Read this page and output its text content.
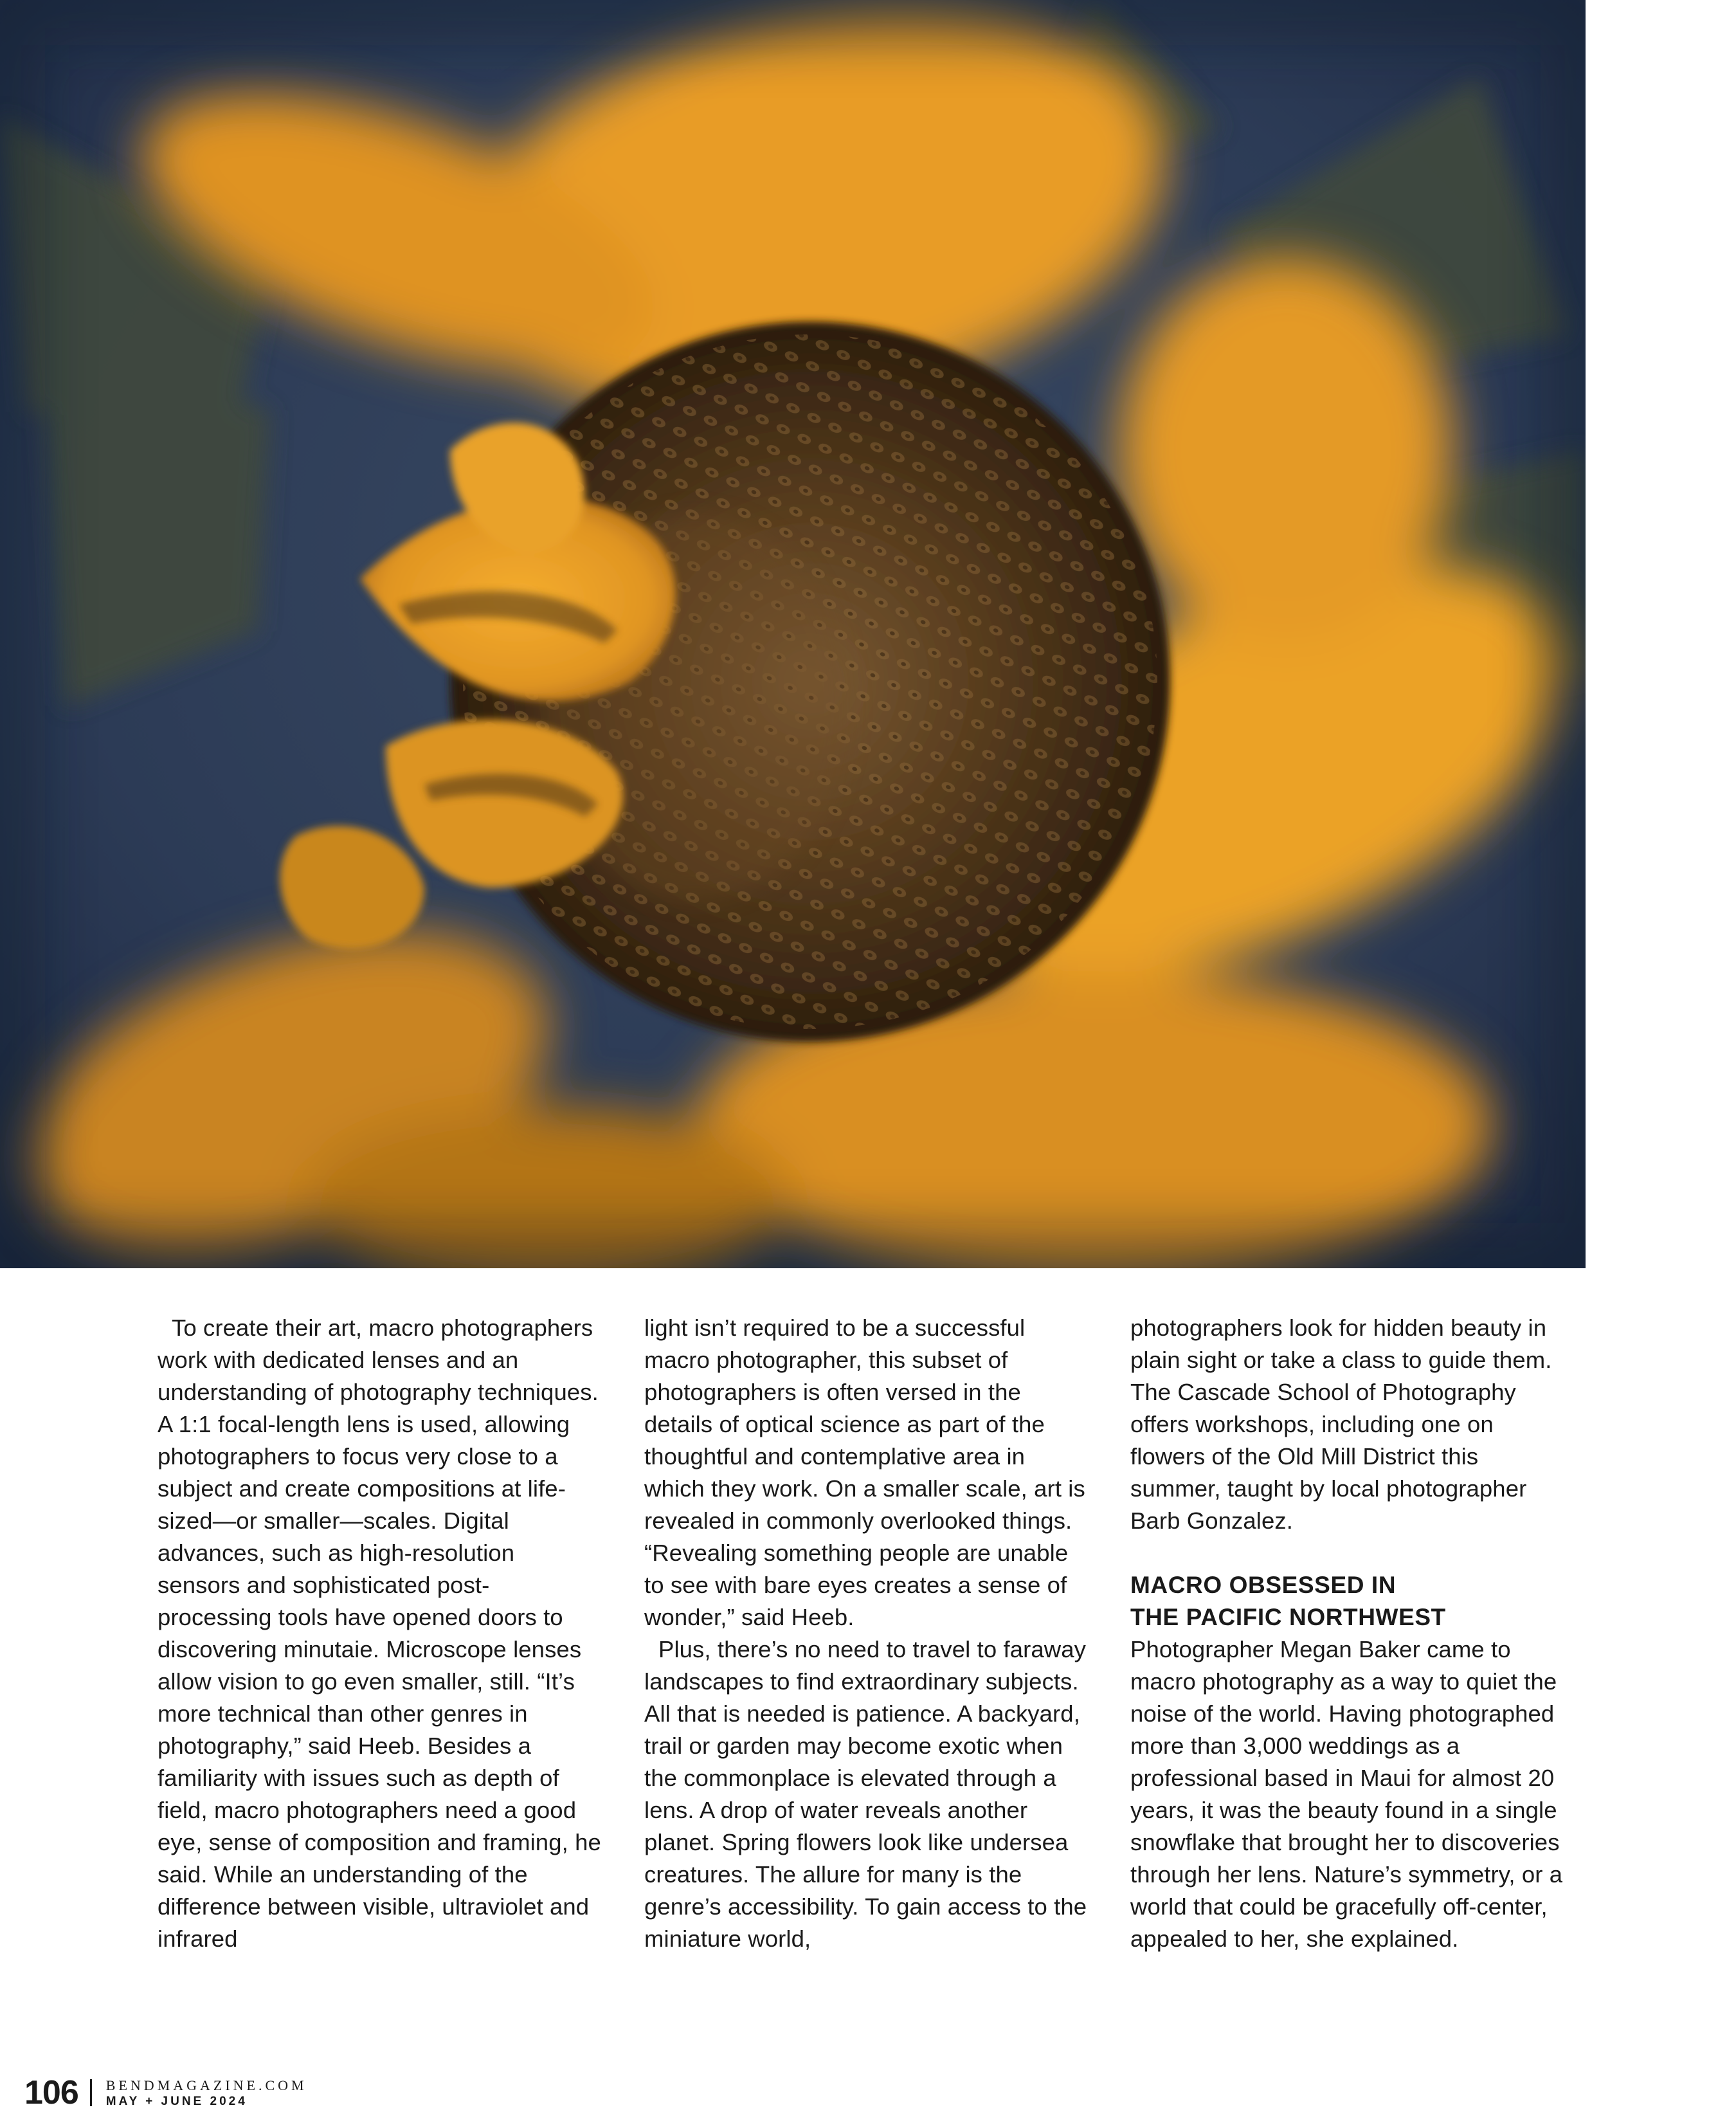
To create their art, macro photographers work with dedicated lenses and an understanding of photography techniques. A 1:1 focal-length lens is used, allowing photographers to focus very close to a subject and create compositions at life-sized—or smaller—scales. Digital advances, such as high-resolution sensors and sophisticated post-processing tools have opened doors to discovering minutaie. Microscope lenses allow vision to go even smaller, still. “It’s more technical than other genres in photography,” said Heeb. Besides a familiarity with issues such as depth of field, macro photographers need a good eye, sense of composition and framing, he said. While an understanding of the difference between visible, ultraviolet and infrared

light isn’t required to be a successful macro photographer, this subset of photographers is often versed in the details of optical science as part of the thoughtful and contemplative area in which they work. On a smaller scale, art is revealed in commonly overlooked things. “Revealing something people are unable to see with bare eyes creates a sense of wonder,” said Heeb.

Plus, there’s no need to travel to faraway landscapes to find extraordinary subjects. All that is needed is patience. A backyard, trail or garden may become exotic when the commonplace is elevated through a lens. A drop of water reveals another planet. Spring flowers look like undersea creatures. The allure for many is the genre’s accessibility. To gain access to the miniature world,

photographers look for hidden beauty in plain sight or take a class to guide them. The Cascade School of Photography offers workshops, including one on flowers of the Old Mill District this summer, taught by local photographer Barb Gonzalez.

MACRO OBSESSED IN
THE PACIFIC NORTHWEST

Photographer Megan Baker came to macro photography as a way to quiet the noise of the world. Having photographed more than 3,000 weddings as a professional based in Maui for almost 20 years, it was the beauty found in a single snowflake that brought her to discoveries through her lens. Nature’s symmetry, or a world that could be gracefully off-center, appealed to her, she explained.

106 BENDMAGAZINE.COM
MAY + JUNE 2024
